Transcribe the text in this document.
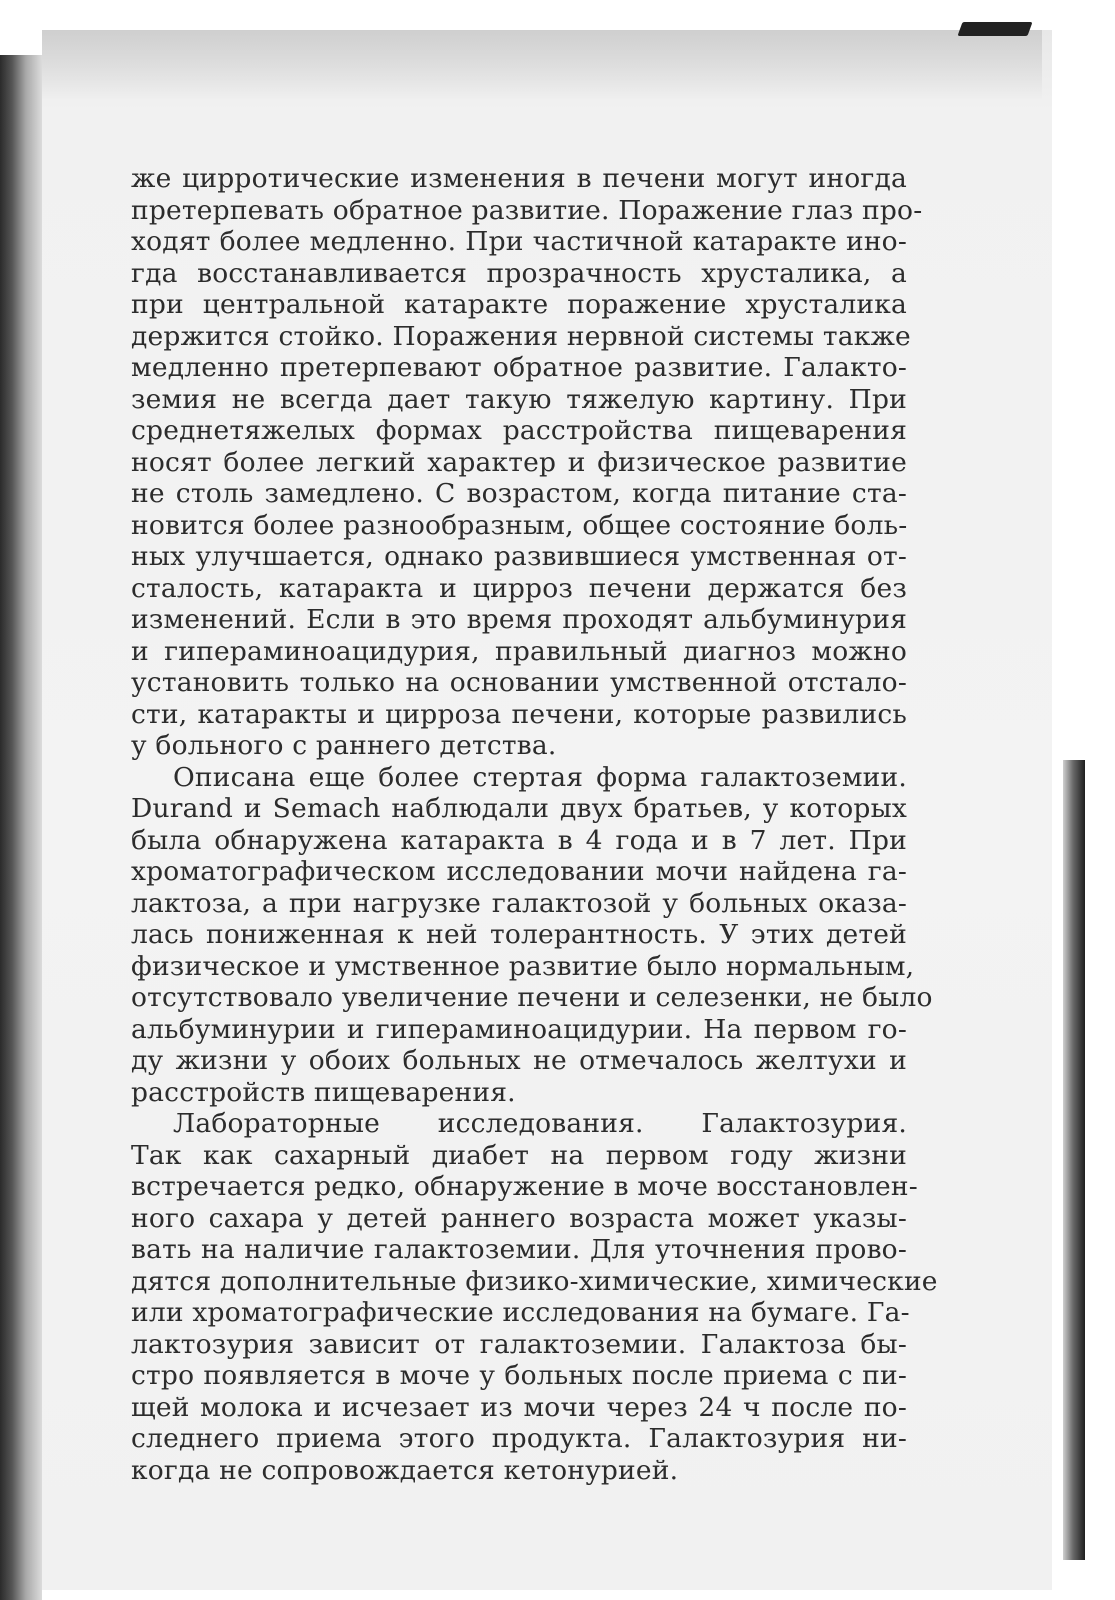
же цирротические изменения в печени могут иногда
претерпевать обратное развитие. Поражение глаз про-
ходят более медленно. При частичной катаракте ино-
гда восстанавливается прозрачность хрусталика, а
при центральной катаракте поражение хрусталика
держится стойко. Поражения нервной системы также
медленно претерпевают обратное развитие. Галакто-
земия не всегда дает такую тяжелую картину. При
среднетяжелых формах расстройства пищеварения
носят более легкий характер и физическое развитие
не столь замедлено. С возрастом, когда питание ста-
новится более разнообразным, общее состояние боль-
ных улучшается, однако развившиеся умственная от-
сталость, катаракта и цирроз печени держатся без
изменений. Если в это время проходят альбуминурия
и гипераминоацидурия, правильный диагноз можно
установить только на основании умственной отстало-
сти, катаракты и цирроза печени, которые развились
у больного с раннего детства.
Описана еще более стертая форма галактоземии.
Durand и Semach наблюдали двух братьев, у которых
была обнаружена катаракта в 4 года и в 7 лет. При
хроматографическом исследовании мочи найдена га-
лактоза, а при нагрузке галактозой у больных оказа-
лась пониженная к ней толерантность. У этих детей
физическое и умственное развитие было нормальным,
отсутствовало увеличение печени и селезенки, не было
альбуминурии и гипераминоацидурии. На первом го-
ду жизни у обоих больных не отмечалось желтухи и
расстройств пищеварения.
Лабораторные исследования. Галактозурия.
Так как сахарный диабет на первом году жизни
встречается редко, обнаружение в моче восстановлен-
ного сахара у детей раннего возраста может указы-
вать на наличие галактоземии. Для уточнения прово-
дятся дополнительные физико-химические, химические
или хроматографические исследования на бумаге. Га-
лактозурия зависит от галактоземии. Галактоза бы-
стро появляется в моче у больных после приема с пи-
щей молока и исчезает из мочи через 24 ч после по-
следнего приема этого продукта. Галактозурия ни-
когда не сопровождается кетонурией.
